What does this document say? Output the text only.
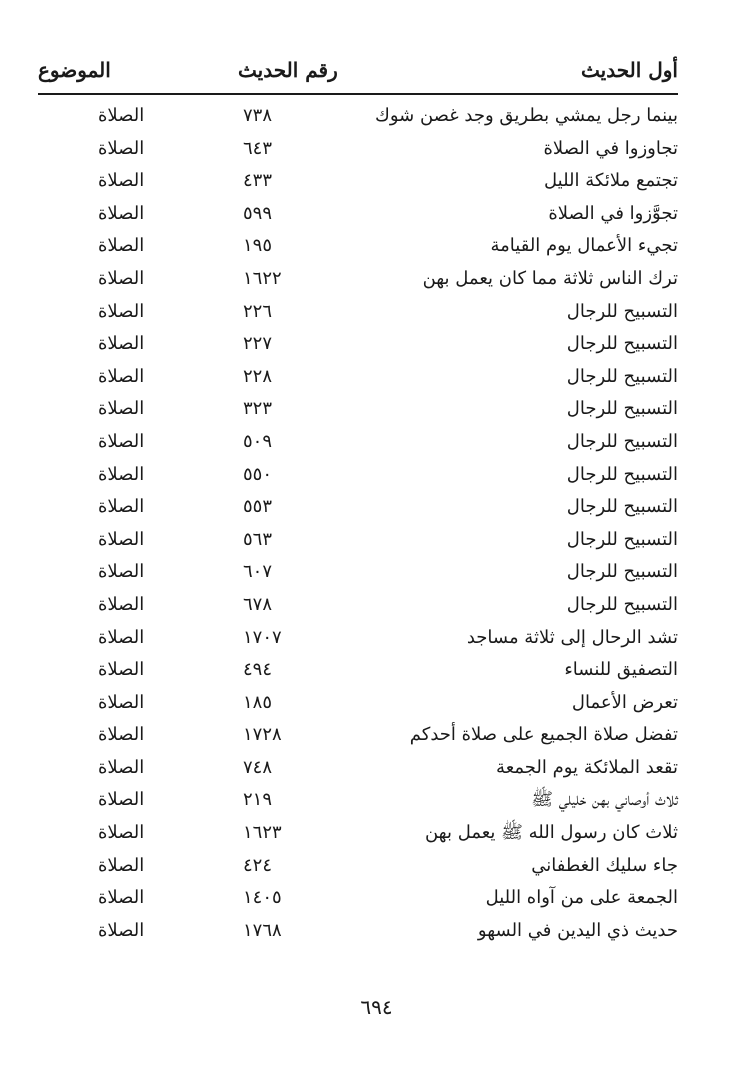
أول الحديث
رقم الحديث
الموضوع
بينما رجل يمشي بطريق وجد غصن شوك
٧٣٨
الصلاة
تجاوزوا في الصلاة
٦٤٣
الصلاة
تجتمع ملائكة الليل
٤٣٣
الصلاة
تجوَّزوا في الصلاة
٥٩٩
الصلاة
تجيء الأعمال يوم القيامة
١٩٥
الصلاة
ترك الناس ثلاثة مما كان يعمل بهن
١٦٢٢
الصلاة
التسبيح للرجال
٢٢٦
الصلاة
التسبيح للرجال
٢٢٧
الصلاة
التسبيح للرجال
٢٢٨
الصلاة
التسبيح للرجال
٣٢٣
الصلاة
التسبيح للرجال
٥٠٩
الصلاة
التسبيح للرجال
٥٥٠
الصلاة
التسبيح للرجال
٥٥٣
الصلاة
التسبيح للرجال
٥٦٣
الصلاة
التسبيح للرجال
٦٠٧
الصلاة
التسبيح للرجال
٦٧٨
الصلاة
تشد الرحال إلى ثلاثة مساجد
١٧٠٧
الصلاة
التصفيق للنساء
٤٩٤
الصلاة
تعرض الأعمال
١٨٥
الصلاة
تفضل صلاة الجميع على صلاة أحدكم
١٧٢٨
الصلاة
تقعد الملائكة يوم الجمعة
٧٤٨
الصلاة
ثلاث أوصاني بهن خليلي ﷺ
٢١٩
الصلاة
ثلاث كان رسول الله ﷺ يعمل بهن
١٦٢٣
الصلاة
جاء سليك الغطفاني
٤٢٤
الصلاة
الجمعة على من آواه الليل
١٤٠٥
الصلاة
حديث ذي اليدين في السهو
١٧٦٨
الصلاة
٦٩٤
